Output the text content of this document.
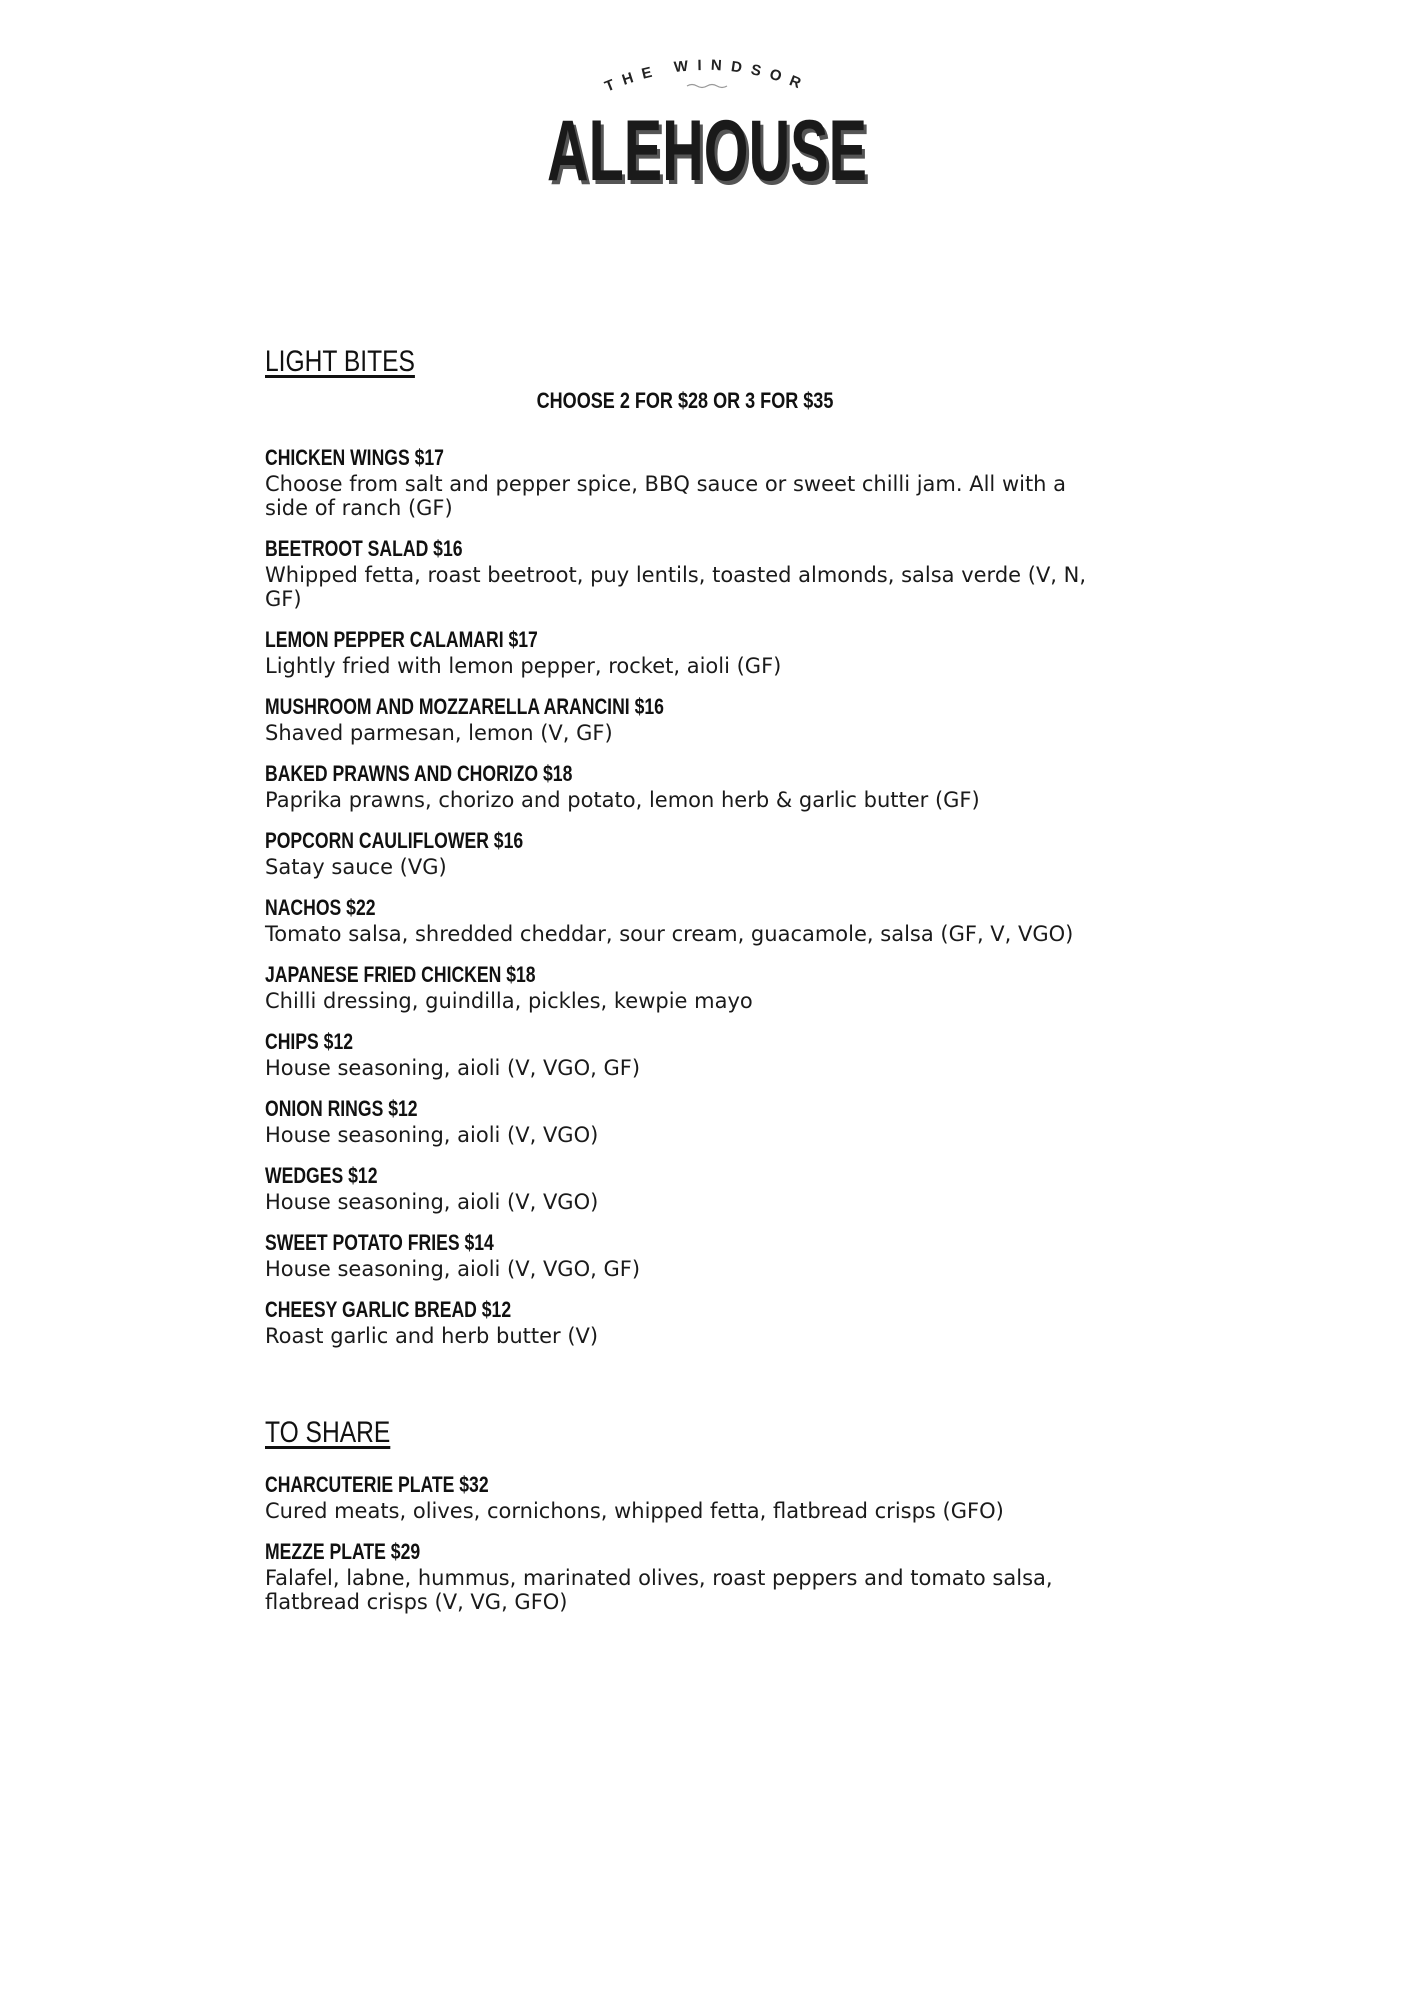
THE WINDSOR
ALEHOUSE
ALEHOUSE
LIGHT BITES
CHOOSE 2 FOR $28 OR 3 FOR $35
CHICKEN WINGS $17
Choose from salt and pepper spice, BBQ sauce or sweet chilli jam. All with a side of ranch (GF)
BEETROOT SALAD $16
Whipped fetta, roast beetroot, puy lentils, toasted almonds, salsa verde (V, N, GF)
LEMON PEPPER CALAMARI $17
Lightly fried with lemon pepper, rocket, aioli (GF)
MUSHROOM AND MOZZARELLA ARANCINI $16
Shaved parmesan, lemon (V, GF)
BAKED PRAWNS AND CHORIZO $18
Paprika prawns, chorizo and potato, lemon herb & garlic butter (GF)
POPCORN CAULIFLOWER $16
Satay sauce (VG)
NACHOS $22
Tomato salsa, shredded cheddar, sour cream, guacamole, salsa (GF, V, VGO)
JAPANESE FRIED CHICKEN $18
Chilli dressing, guindilla, pickles, kewpie mayo
CHIPS $12
House seasoning, aioli (V, VGO, GF)
ONION RINGS $12
House seasoning, aioli (V, VGO)
WEDGES $12
House seasoning, aioli (V, VGO)
SWEET POTATO FRIES $14
House seasoning, aioli (V, VGO, GF)
CHEESY GARLIC BREAD $12
Roast garlic and herb butter (V)
TO SHARE
CHARCUTERIE PLATE $32
Cured meats, olives, cornichons, whipped fetta, flatbread crisps (GFO)
MEZZE PLATE $29
Falafel, labne, hummus, marinated olives, roast peppers and tomato salsa, flatbread crisps (V, VG, GFO)
